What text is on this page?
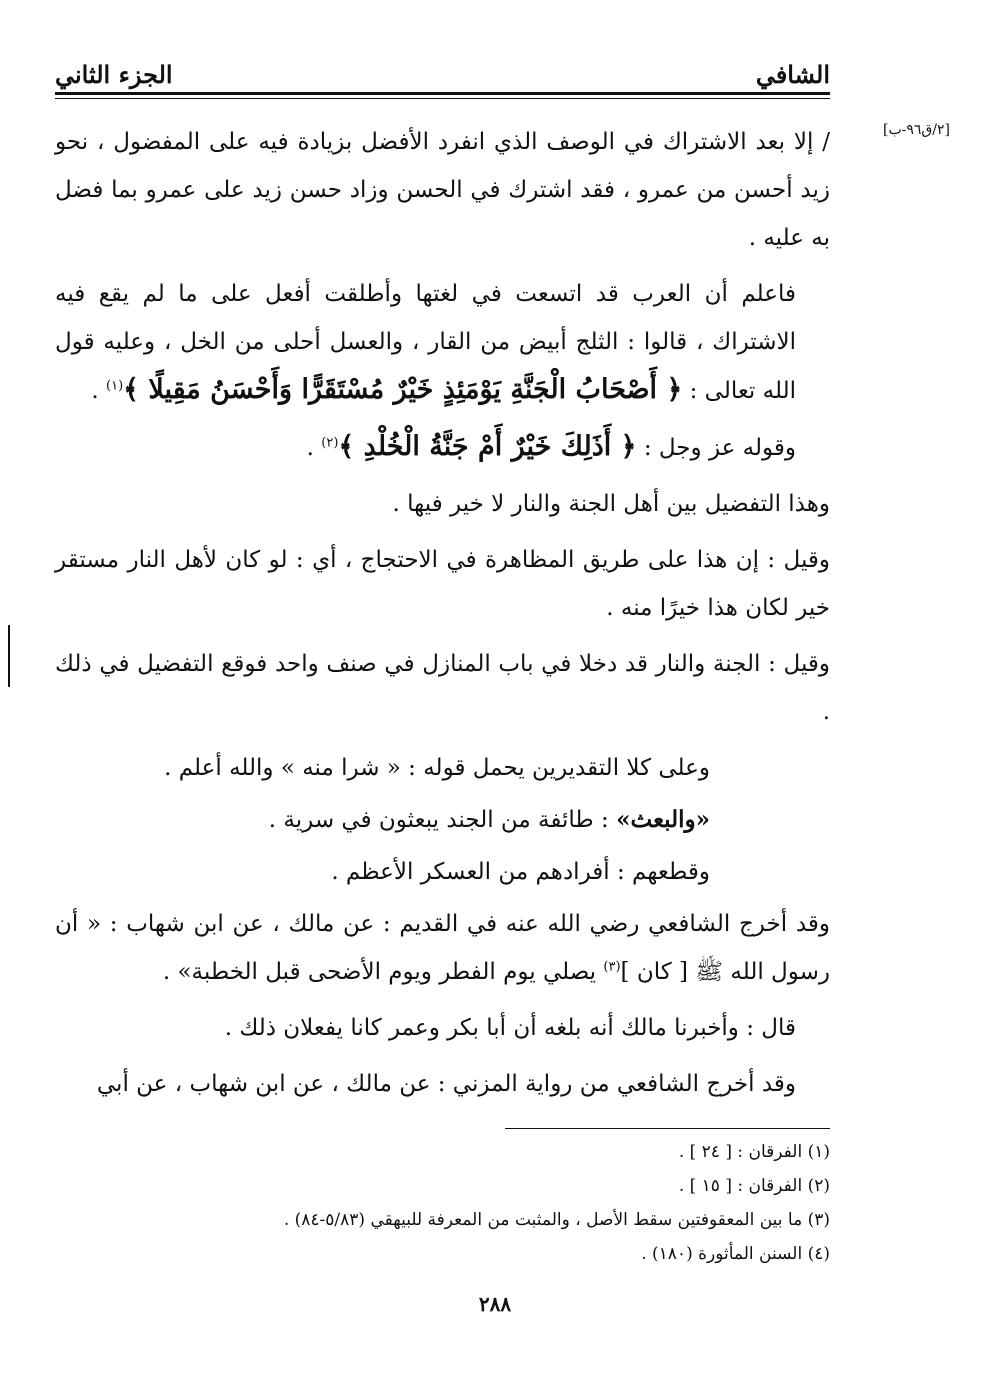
الشافي
الجزء الثاني
[٢/ق٩٦-ب]

/ إلا بعد الاشتراك في الوصف الذي انفرد الأفضل بزيادة فيه على المفضول ، نحو زيد أحسن من عمرو ، فقد اشترك في الحسن وزاد حسن زيد على عمرو بما فضل به عليه .

فاعلم أن العرب قد اتسعت في لغتها وأطلقت أفعل على ما لم يقع فيه الاشتراك ، قالوا : الثلج أبيض من القار ، والعسل أحلى من الخل ، وعليه قول الله تعالى : ﴿ أَصْحَابُ الْجَنَّةِ يَوْمَئِذٍ خَيْرٌ مُسْتَقَرًّا وَأَحْسَنُ مَقِيلًا ﴾$^{(١)}$ .

وقوله عز وجل : ﴿ أَذَلِكَ خَيْرٌ أَمْ جَنَّةُ الْخُلْدِ ﴾$^{(٢)}$ .

وهذا التفضيل بين أهل الجنة والنار لا خير فيها .

وقيل : إن هذا على طريق المظاهرة في الاحتجاج ، أي : لو كان لأهل النار مستقر خير لكان هذا خيرًا منه .

وقيل : الجنة والنار قد دخلا في باب المنازل في صنف واحد فوقع التفضيل في ذلك .

وعلى كلا التقديرين يحمل قوله : « شرا منه » والله أعلم .

«والبعث» : طائفة من الجند يبعثون في سرية .

وقطعهم : أفرادهم من العسكر الأعظم .

وقد أخرج الشافعي رضي الله عنه في القديم : عن مالك ، عن ابن شهاب : « أن رسول الله ﷺ [ كان ]$^{(٣)}$ يصلي يوم الفطر ويوم الأضحى قبل الخطبة» .

قال : وأخبرنا مالك أنه بلغه أن أبا بكر وعمر كانا يفعلان ذلك .

وقد أخرج الشافعي من رواية المزني : عن مالك ، عن ابن شهاب ، عن أبي

(١) الفرقان : [ ٢٤ ] .
(٢) الفرقان : [ ١٥ ] .
(٣) ما بين المعقوفتين سقط الأصل ، والمثبت من المعرفة للبيهقي (٥/٨٣-٨٤) .
(٤) السنن المأثورة (١٨٠) .
٢٨٨
